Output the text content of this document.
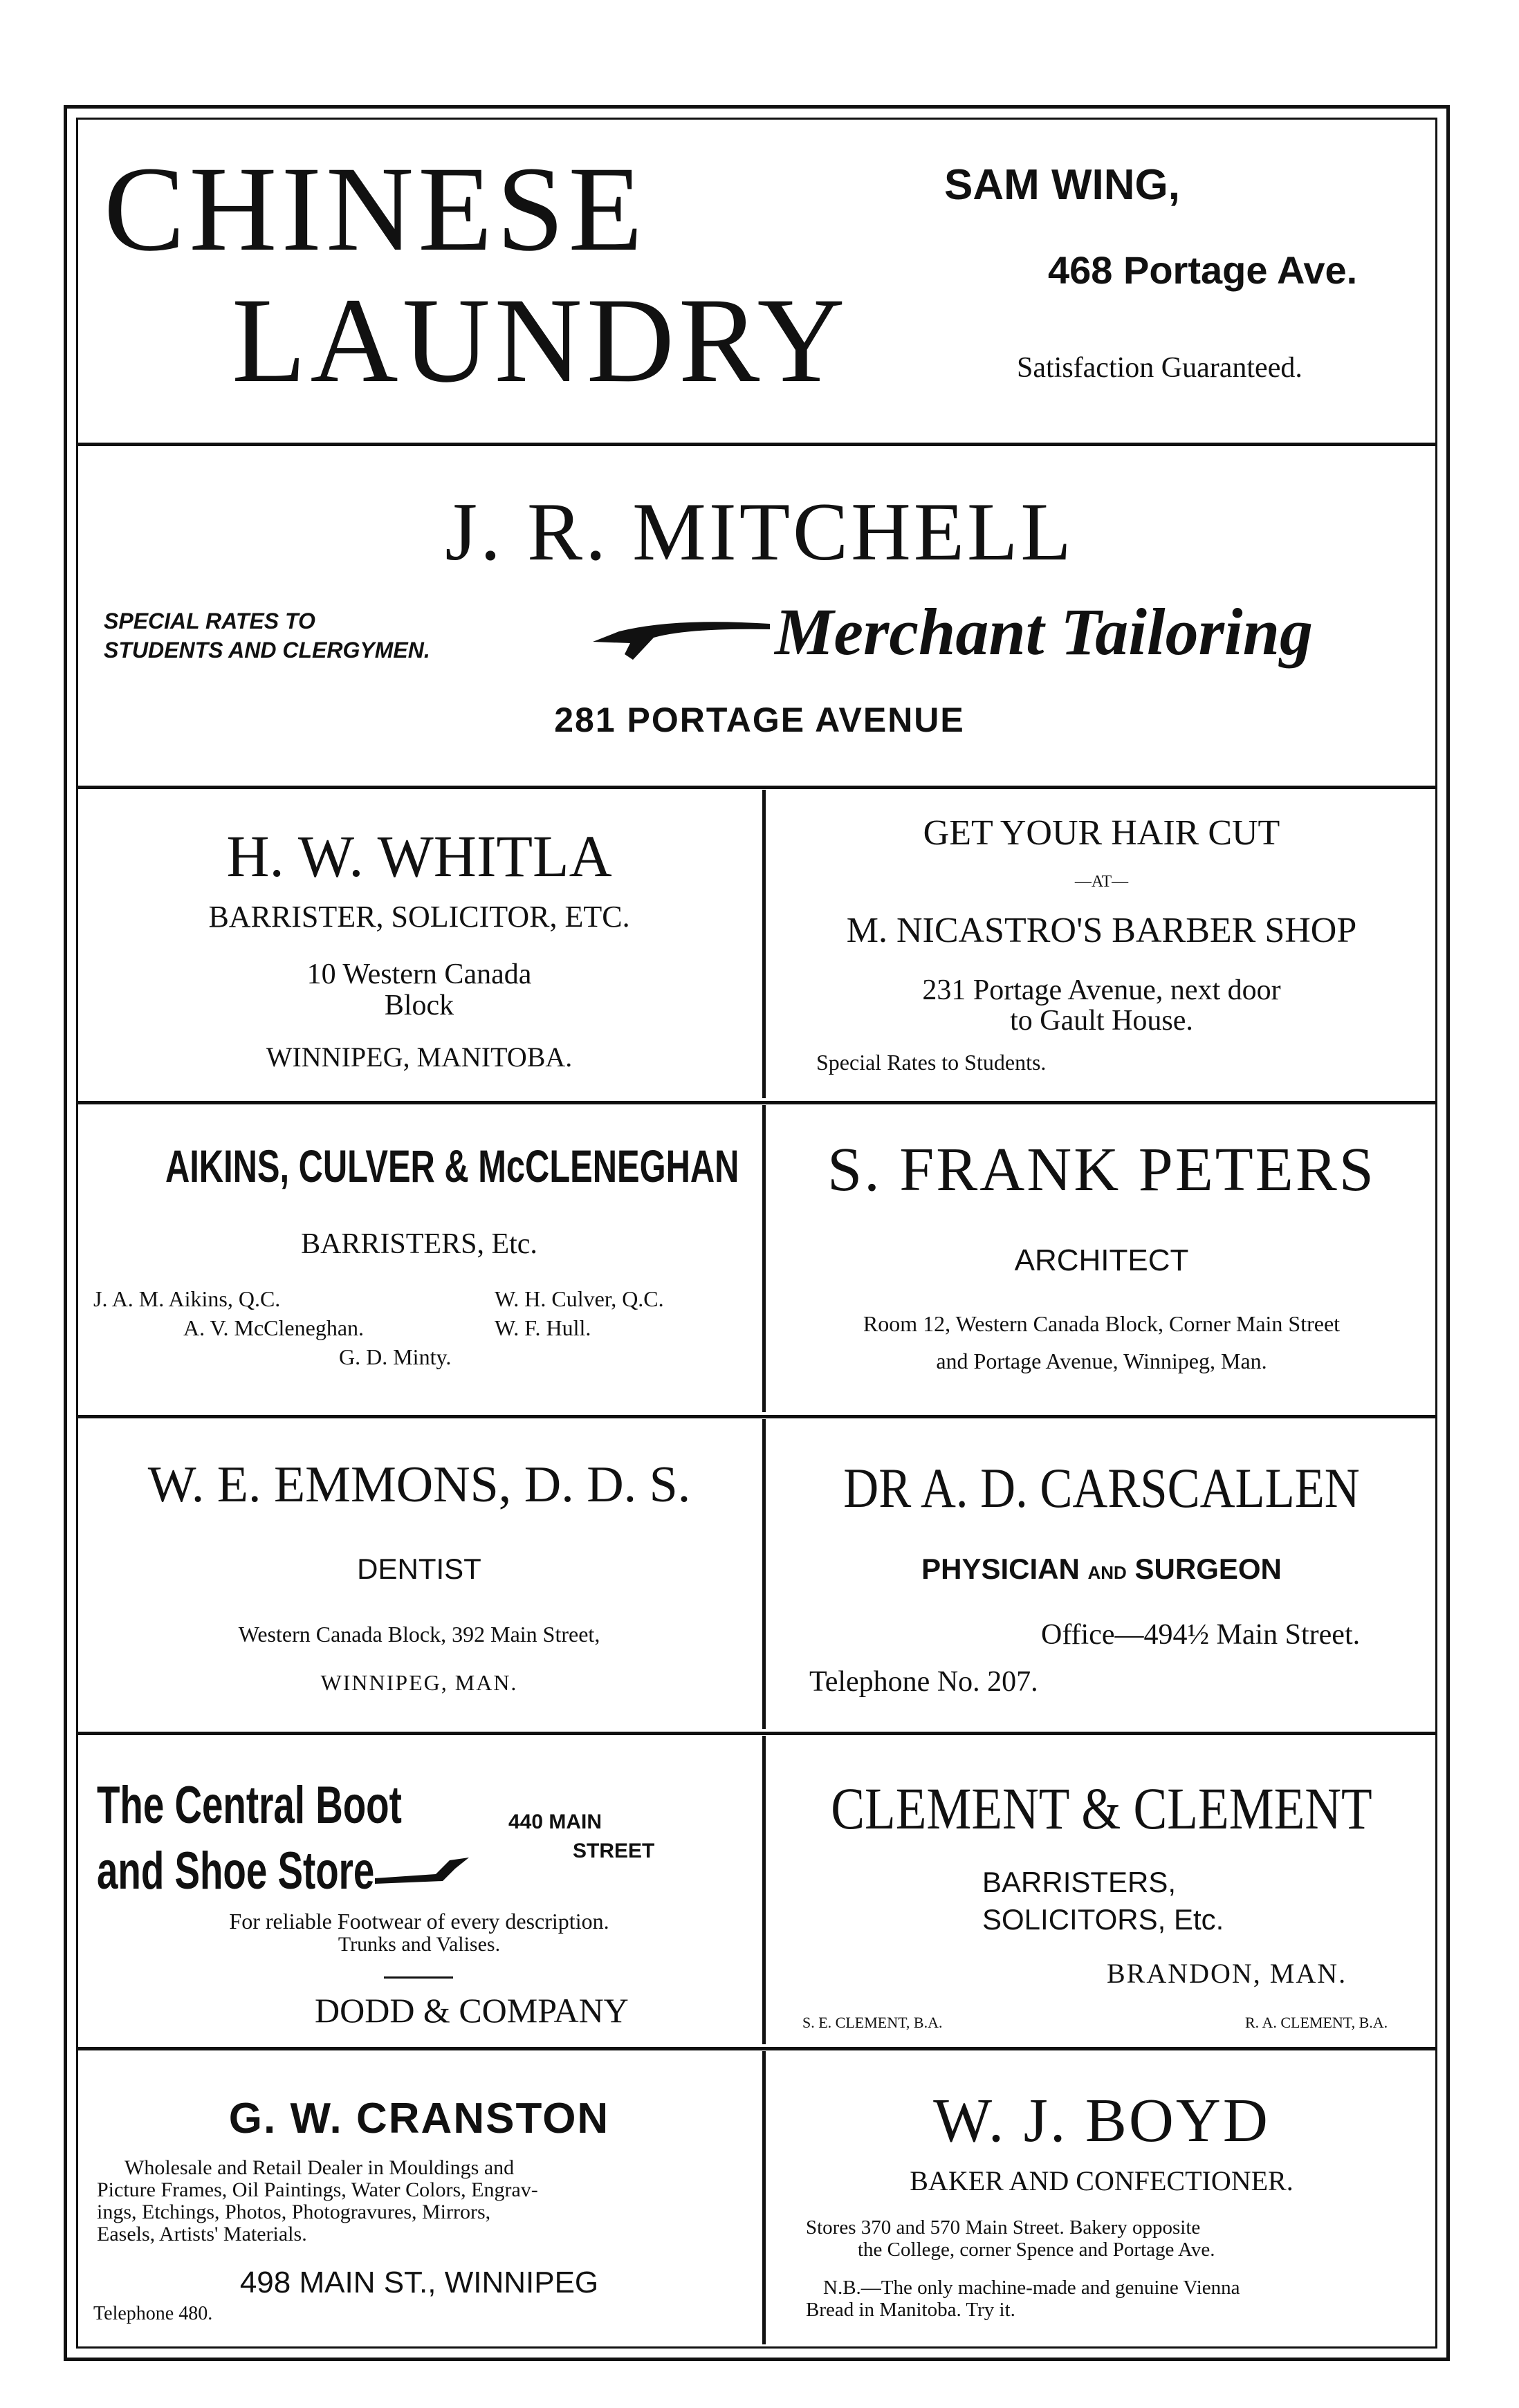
CHINESE
LAUNDRY
SAM WING,
468 Portage Ave.
Satisfaction Guaranteed.
J. R. MITCHELL
SPECIAL RATES TO
STUDENTS AND CLERGYMEN.	Merchant Tailoring
281 PORTAGE AVENUE
H. W. WHITLA
BARRISTER, SOLICITOR, ETC.
10 Western Canada
Block
WINNIPEG, MANITOBA.
GET YOUR HAIR CUT
—AT—
M. NICASTRO'S BARBER SHOP
231 Portage Avenue, next door
to Gault House.
Special Rates to Students.
AIKINS, CULVER & McCLENEGHAN
BARRISTERS, Etc.
J. A. M. Aikins, Q.C.	W. H. Culver, Q.C.
A. V. McCleneghan.	W. F. Hull.
G. D. Minty.
S. FRANK PETERS
ARCHITECT
Room 12, Western Canada Block, Corner Main Street
and Portage Avenue, Winnipeg, Man.
W. E. EMMONS, D. D. S.
DENTIST
Western Canada Block, 392 Main Street,
WINNIPEG, MAN.
DR A. D. CARSCALLEN
PHYSICIAN AND SURGEON
Office—494½ Main Street.
Telephone No. 207.
The Central Boot
and Shoe Store
440 MAIN
STREET
For reliable Footwear of every description.
Trunks and Valises.
DODD & COMPANY
CLEMENT & CLEMENT
BARRISTERS,
SOLICITORS, Etc.
BRANDON, MAN.
S. E. CLEMENT, B.A.	R. A. CLEMENT, B.A.
G. W. CRANSTON
Wholesale and Retail Dealer in Mouldings and
Picture Frames, Oil Paintings, Water Colors, Engrav-
ings, Etchings, Photos, Photogravures, Mirrors,
Easels, Artists' Materials.
498 MAIN ST., WINNIPEG
Telephone 480.
W. J. BOYD
BAKER AND CONFECTIONER.
Stores 370 and 570 Main Street. Bakery opposite
the College, corner Spence and Portage Ave.
N.B.—The only machine-made and genuine Vienna
Bread in Manitoba. Try it.
